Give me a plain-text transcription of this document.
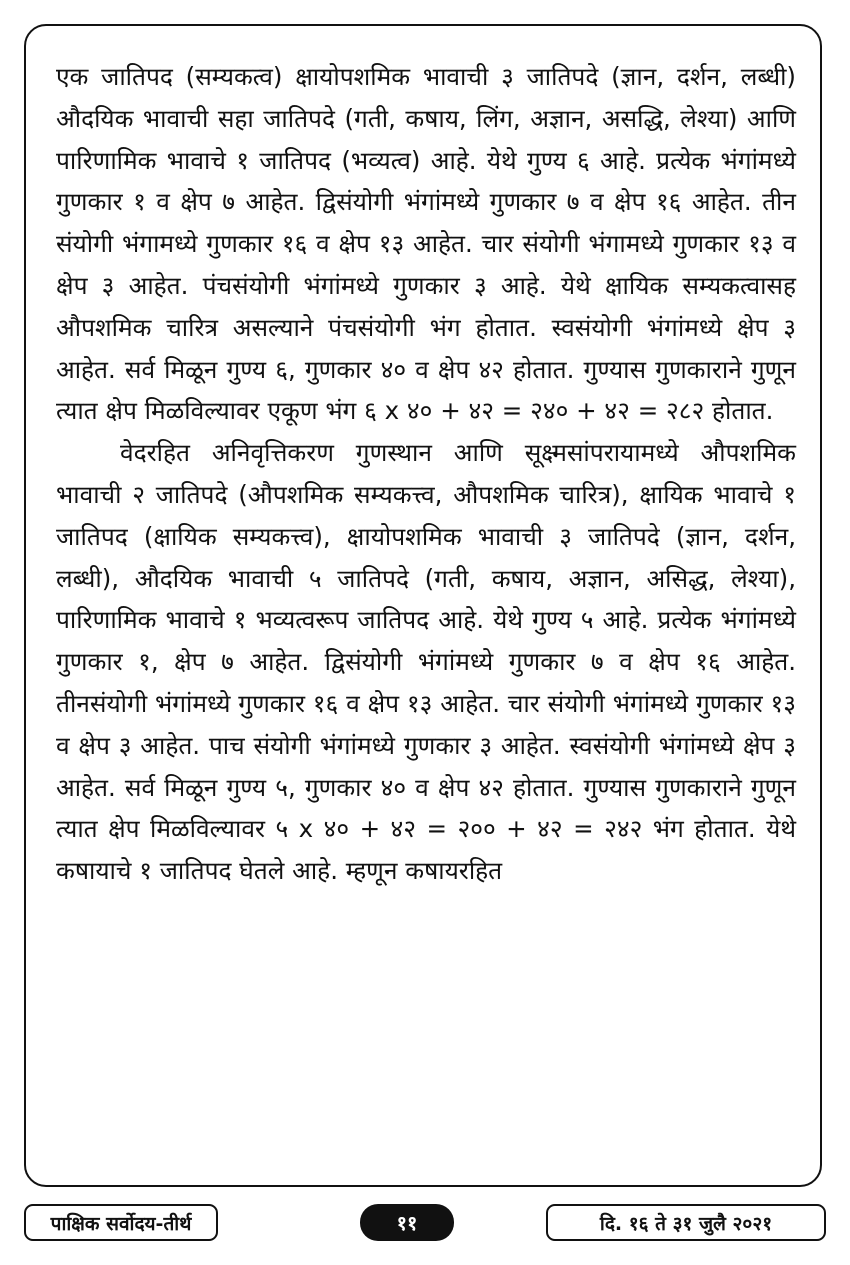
एक जातिपद (सम्यकत्व) क्षायोपशमिक भावाची ३ जातिपदे (ज्ञान, दर्शन, लब्धी) औदयिक भावाची सहा जातिपदे (गती, कषाय, लिंग, अज्ञान, असद्धि, लेश्या) आणि पारिणामिक भावाचे १ जातिपद (भव्यत्व) आहे. येथे गुण्य ६ आहे. प्रत्येक भंगांमध्ये गुणकार १ व क्षेप ७ आहेत. द्विसंयोगी भंगांमध्ये गुणकार ७ व क्षेप १६ आहेत. तीन संयोगी भंगामध्ये गुणकार १६ व क्षेप १३ आहेत. चार संयोगी भंगामध्ये गुणकार १३ व क्षेप ३ आहेत. पंचसंयोगी भंगांमध्ये गुणकार ३ आहे. येथे क्षायिक सम्यकत्वासह औपशमिक चारित्र असल्याने पंचसंयोगी भंग होतात. स्वसंयोगी भंगांमध्ये क्षेप ३ आहेत. सर्व मिळून गुण्य ६, गुणकार ४० व क्षेप ४२ होतात. गुण्यास गुणकाराने गुणून त्यात क्षेप मिळविल्यावर एकूण भंग ६ x ४० + ४२ = २४० + ४२ = २८२ होतात.

वेदरहित अनिवृत्तिकरण गुणस्थान आणि सूक्ष्मसांपरायामध्ये औपशमिक भावाची २ जातिपदे (औपशमिक सम्यकत्त्व, औपशमिक चारित्र), क्षायिक भावाचे १ जातिपद (क्षायिक सम्यकत्त्व), क्षायोपशमिक भावाची ३ जातिपदे (ज्ञान, दर्शन, लब्धी), औदयिक भावाची ५ जातिपदे (गती, कषाय, अज्ञान, असिद्ध, लेश्या), पारिणामिक भावाचे १ भव्यत्वरूप जातिपद आहे. येथे गुण्य ५ आहे. प्रत्येक भंगांमध्ये गुणकार १, क्षेप ७ आहेत. द्विसंयोगी भंगांमध्ये गुणकार ७ व क्षेप १६ आहेत. तीनसंयोगी भंगांमध्ये गुणकार १६ व क्षेप १३ आहेत. चार संयोगी भंगांमध्ये गुणकार १३ व क्षेप ३ आहेत. पाच संयोगी भंगांमध्ये गुणकार ३ आहेत. स्वसंयोगी भंगांमध्ये क्षेप ३ आहेत. सर्व मिळून गुण्य ५, गुणकार ४० व क्षेप ४२ होतात. गुण्यास गुणकाराने गुणून त्यात क्षेप मिळविल्यावर ५ x ४० + ४२ = २०० + ४२ = २४२ भंग होतात. येथे कषायाचे १ जातिपद घेतले आहे. म्हणून कषायरहित

पाक्षिक सर्वोदय-तीर्थ	११	दि. १६ ते ३१ जुलै २०२१
